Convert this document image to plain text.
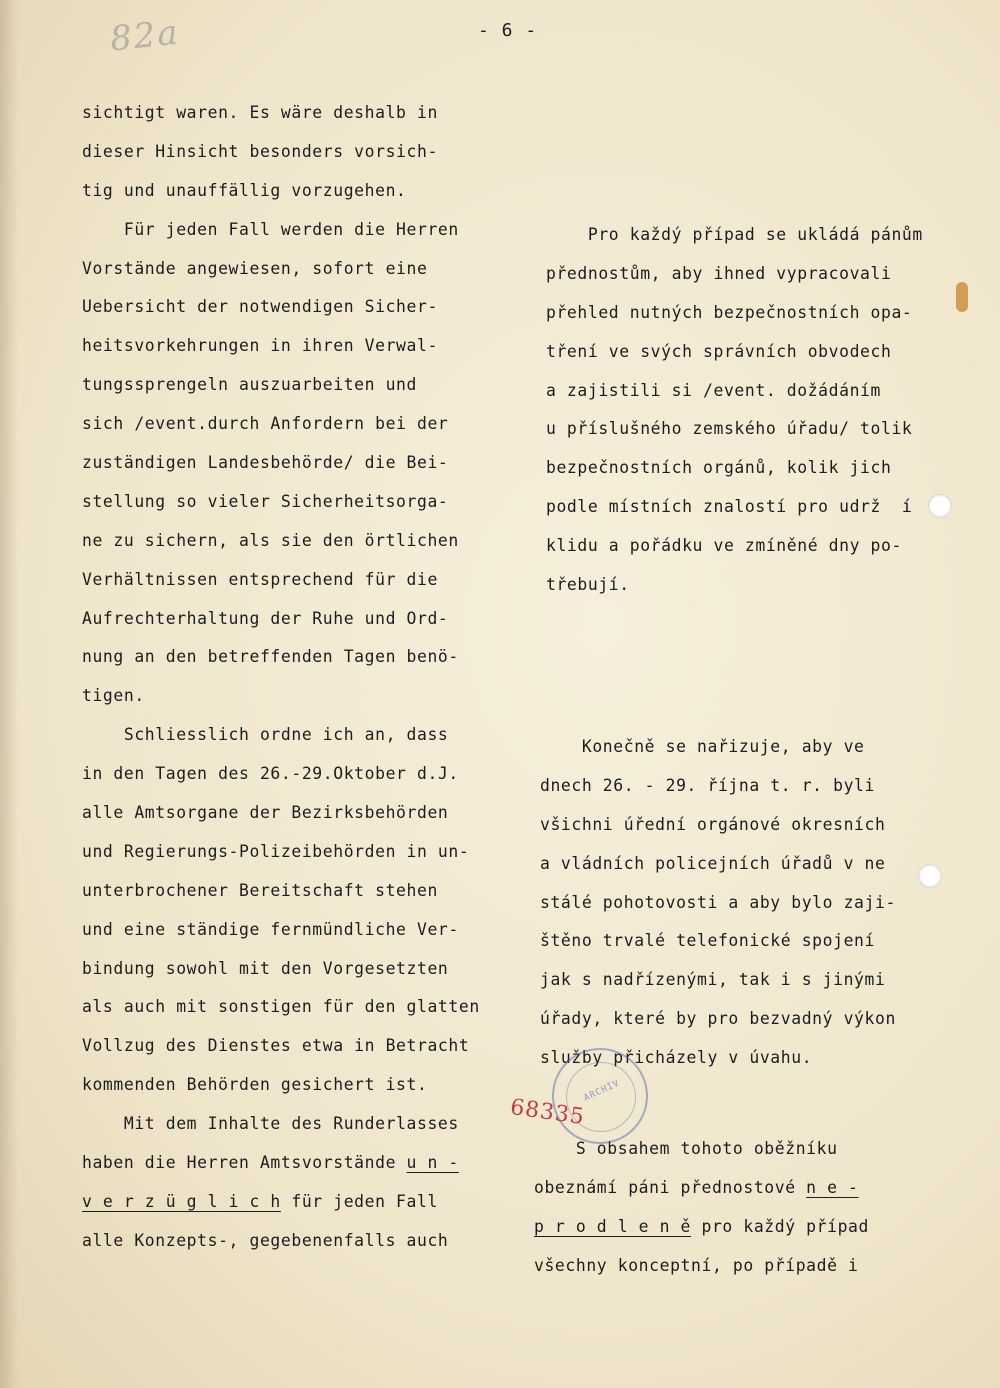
82a	- 6 -
sichtigt waren. Es wäre deshalb in
dieser Hinsicht besonders vorsich-
tig und unauffällig vorzugehen.
Für jeden Fall werden die Herren
Vorstände angewiesen, sofort eine
Uebersicht der notwendigen Sicher-
heitsvorkehrungen in ihren Verwal-
tungssprengeln auszuarbeiten und
sich /event.durch Anfordern bei der
zuständigen Landesbehörde/ die Bei-
stellung so vieler Sicherheitsorga-
ne zu sichern, als sie den örtlichen
Verhältnissen entsprechend für die
Aufrechterhaltung der Ruhe und Ord-
nung an den betreffenden Tagen benö-
tigen.
Schliesslich ordne ich an, dass
in den Tagen des 26.-29.Oktober d.J.
alle Amtsorgane der Bezirksbehörden
und Regierungs-Polizeibehörden in un-
unterbrochener Bereitschaft stehen
und eine ständige fernmündliche Ver-
bindung sowohl mit den Vorgesetzten
als auch mit sonstigen für den glatten
Vollzug des Dienstes etwa in Betracht
kommenden Behörden gesichert ist.
Mit dem Inhalte des Runderlasses
haben die Herren Amtsvorstände u n -
v e r z ü g l i c h für jeden Fall
alle Konzepts-, gegebenenfalls auch
Pro každý případ se ukládá pánům
přednostům, aby ihned vypracovali
přehled nutných bezpečnostních opa-
tření ve svých správních obvodech
a zajistili si /event. dožádáním
u příslušného zemského úřadu/ tolik
bezpečnostních orgánů, kolik jich
podle místních znalostí pro udrž  í
klidu a pořádku ve zmíněné dny po-
třebují.
Konečně se nařizuje, aby ve
dnech 26. - 29. října t. r. byli
všichni úřední orgánové okresních
a vládních policejních úřadů v ne
stálé pohotovosti a aby bylo zaji-
štěno trvalé telefonické spojení
jak s nadřízenými, tak i s jinými
úřady, které by pro bezvadný výkon
služby přicházely v úvahu.
S obsahem tohoto oběžníku
obeznámí páni přednostové n e -
p r o d l e n ě pro každý případ
všechny konceptní, po případě i
ARCHIV
68335
